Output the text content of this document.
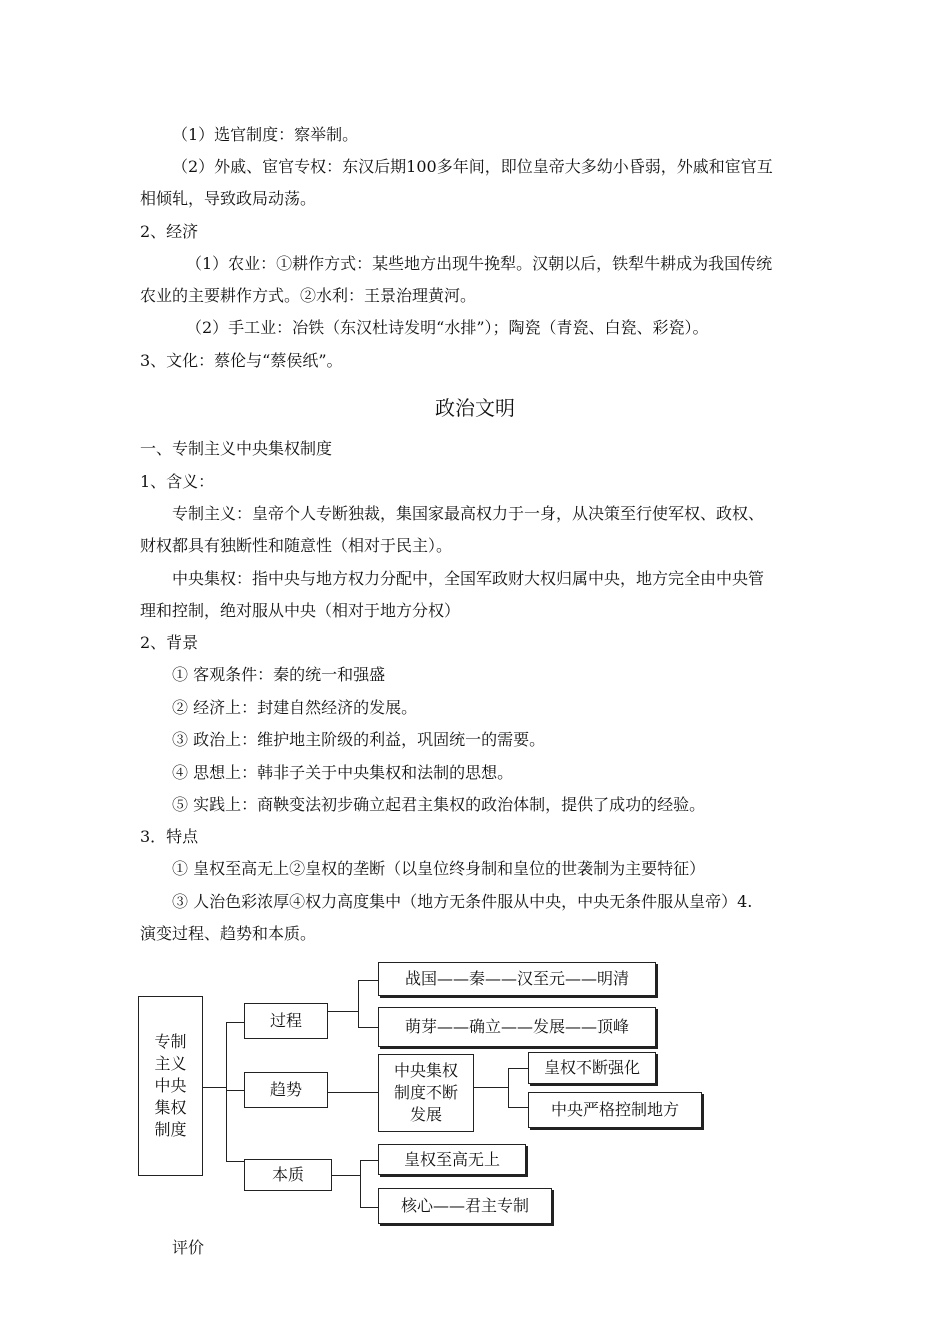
（1）选官制度：察举制。
（2）外戚、宦官专权：东汉后期100多年间，即位皇帝大多幼小昏弱，外戚和宦官互
相倾轧，导致政局动荡。
2、经济
（1）农业：①耕作方式：某些地方出现牛挽犁。汉朝以后，铁犁牛耕成为我国传统
农业的主要耕作方式。②水利：王景治理黄河。
（2）手工业：冶铁（东汉杜诗发明“水排”）；陶瓷（青瓷、白瓷、彩瓷）。
3、文化：蔡伦与“蔡侯纸”。
政治文明
一、专制主义中央集权制度
1、含义：
专制主义：皇帝个人专断独裁，集国家最高权力于一身，从决策至行使军权、政权、
财权都具有独断性和随意性（相对于民主）。
中央集权：指中央与地方权力分配中，全国军政财大权归属中央，地方完全由中央管
理和控制，绝对服从中央（相对于地方分权）
2、背景
① 客观条件：秦的统一和强盛
② 经济上：封建自然经济的发展。
③ 政治上：维护地主阶级的利益，巩固统一的需要。
④ 思想上：韩非子关于中央集权和法制的思想。
⑤ 实践上：商鞅变法初步确立起君主集权的政治体制，提供了成功的经验。
3．特点
① 皇权至高无上②皇权的垄断（以皇位终身制和皇位的世袭制为主要特征）
③ 人治色彩浓厚④权力高度集中（地方无条件服从中央，中央无条件服从皇帝）4.
演变过程、趋势和本质。
专制
主义
中央
集权
制度
过程
趋势
本质
战国——秦——汉至元——明清
萌芽——确立——发展——顶峰
中央集权
制度不断
发展
皇权不断强化
中央严格控制地方
皇权至高无上
核心——君主专制
评价
